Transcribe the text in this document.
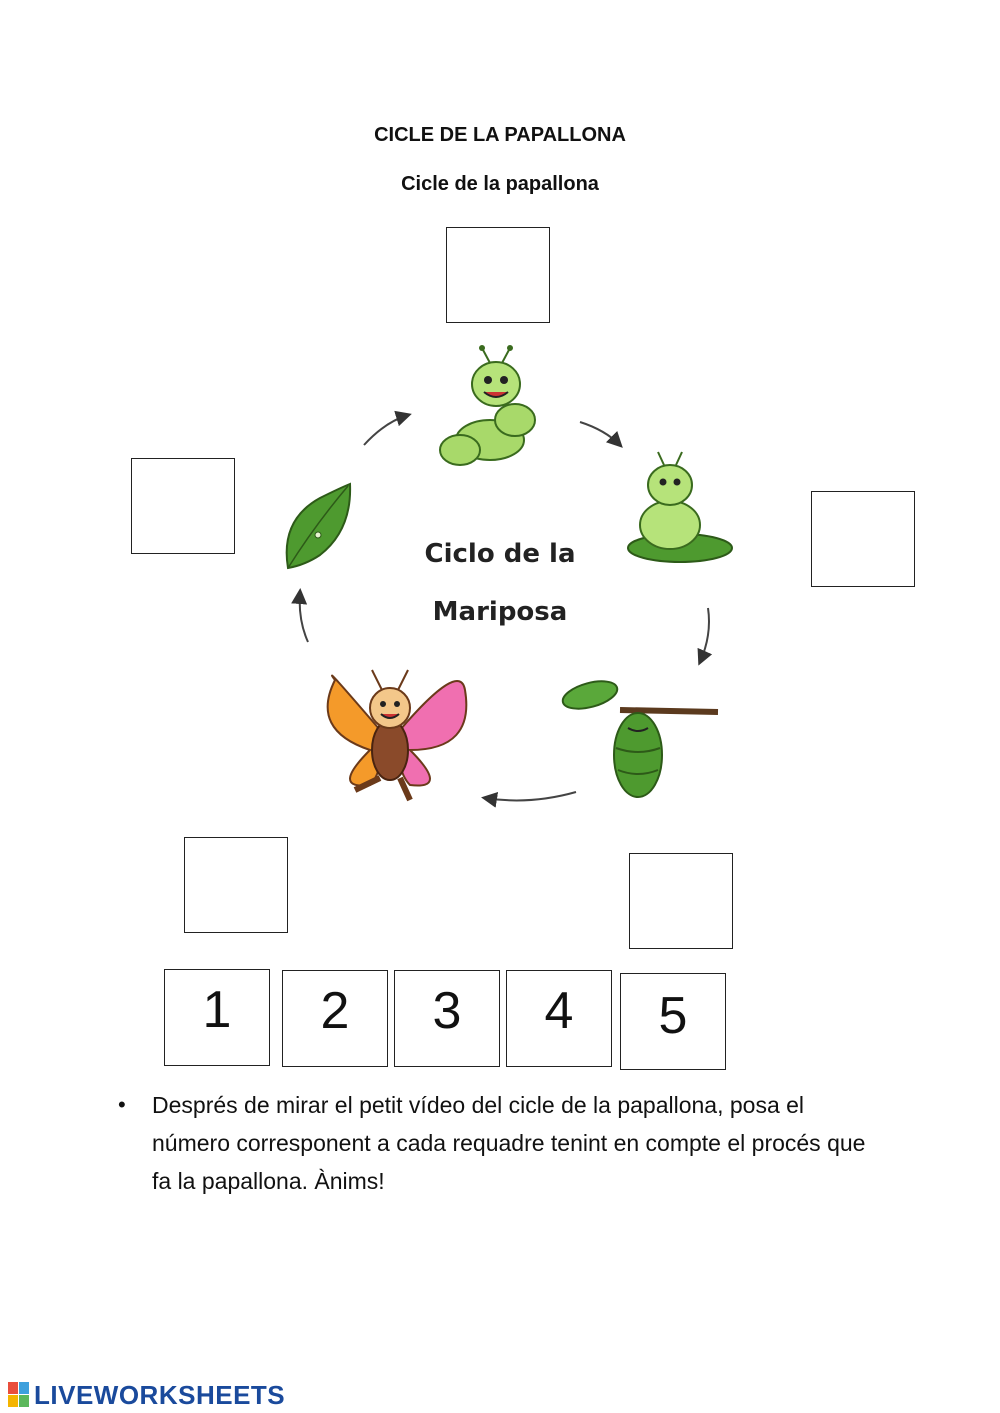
CICLE DE LA PAPALLONA
Cicle de la papallona
Ciclo de la
Mariposa
1	2	3	4	5
• Després de mirar el petit vídeo del cicle de la papallona, posa el número corresponent a cada requadre tenint en compte el procés que fa la papallona. Ànims!
LIVEWORKSHEETS
